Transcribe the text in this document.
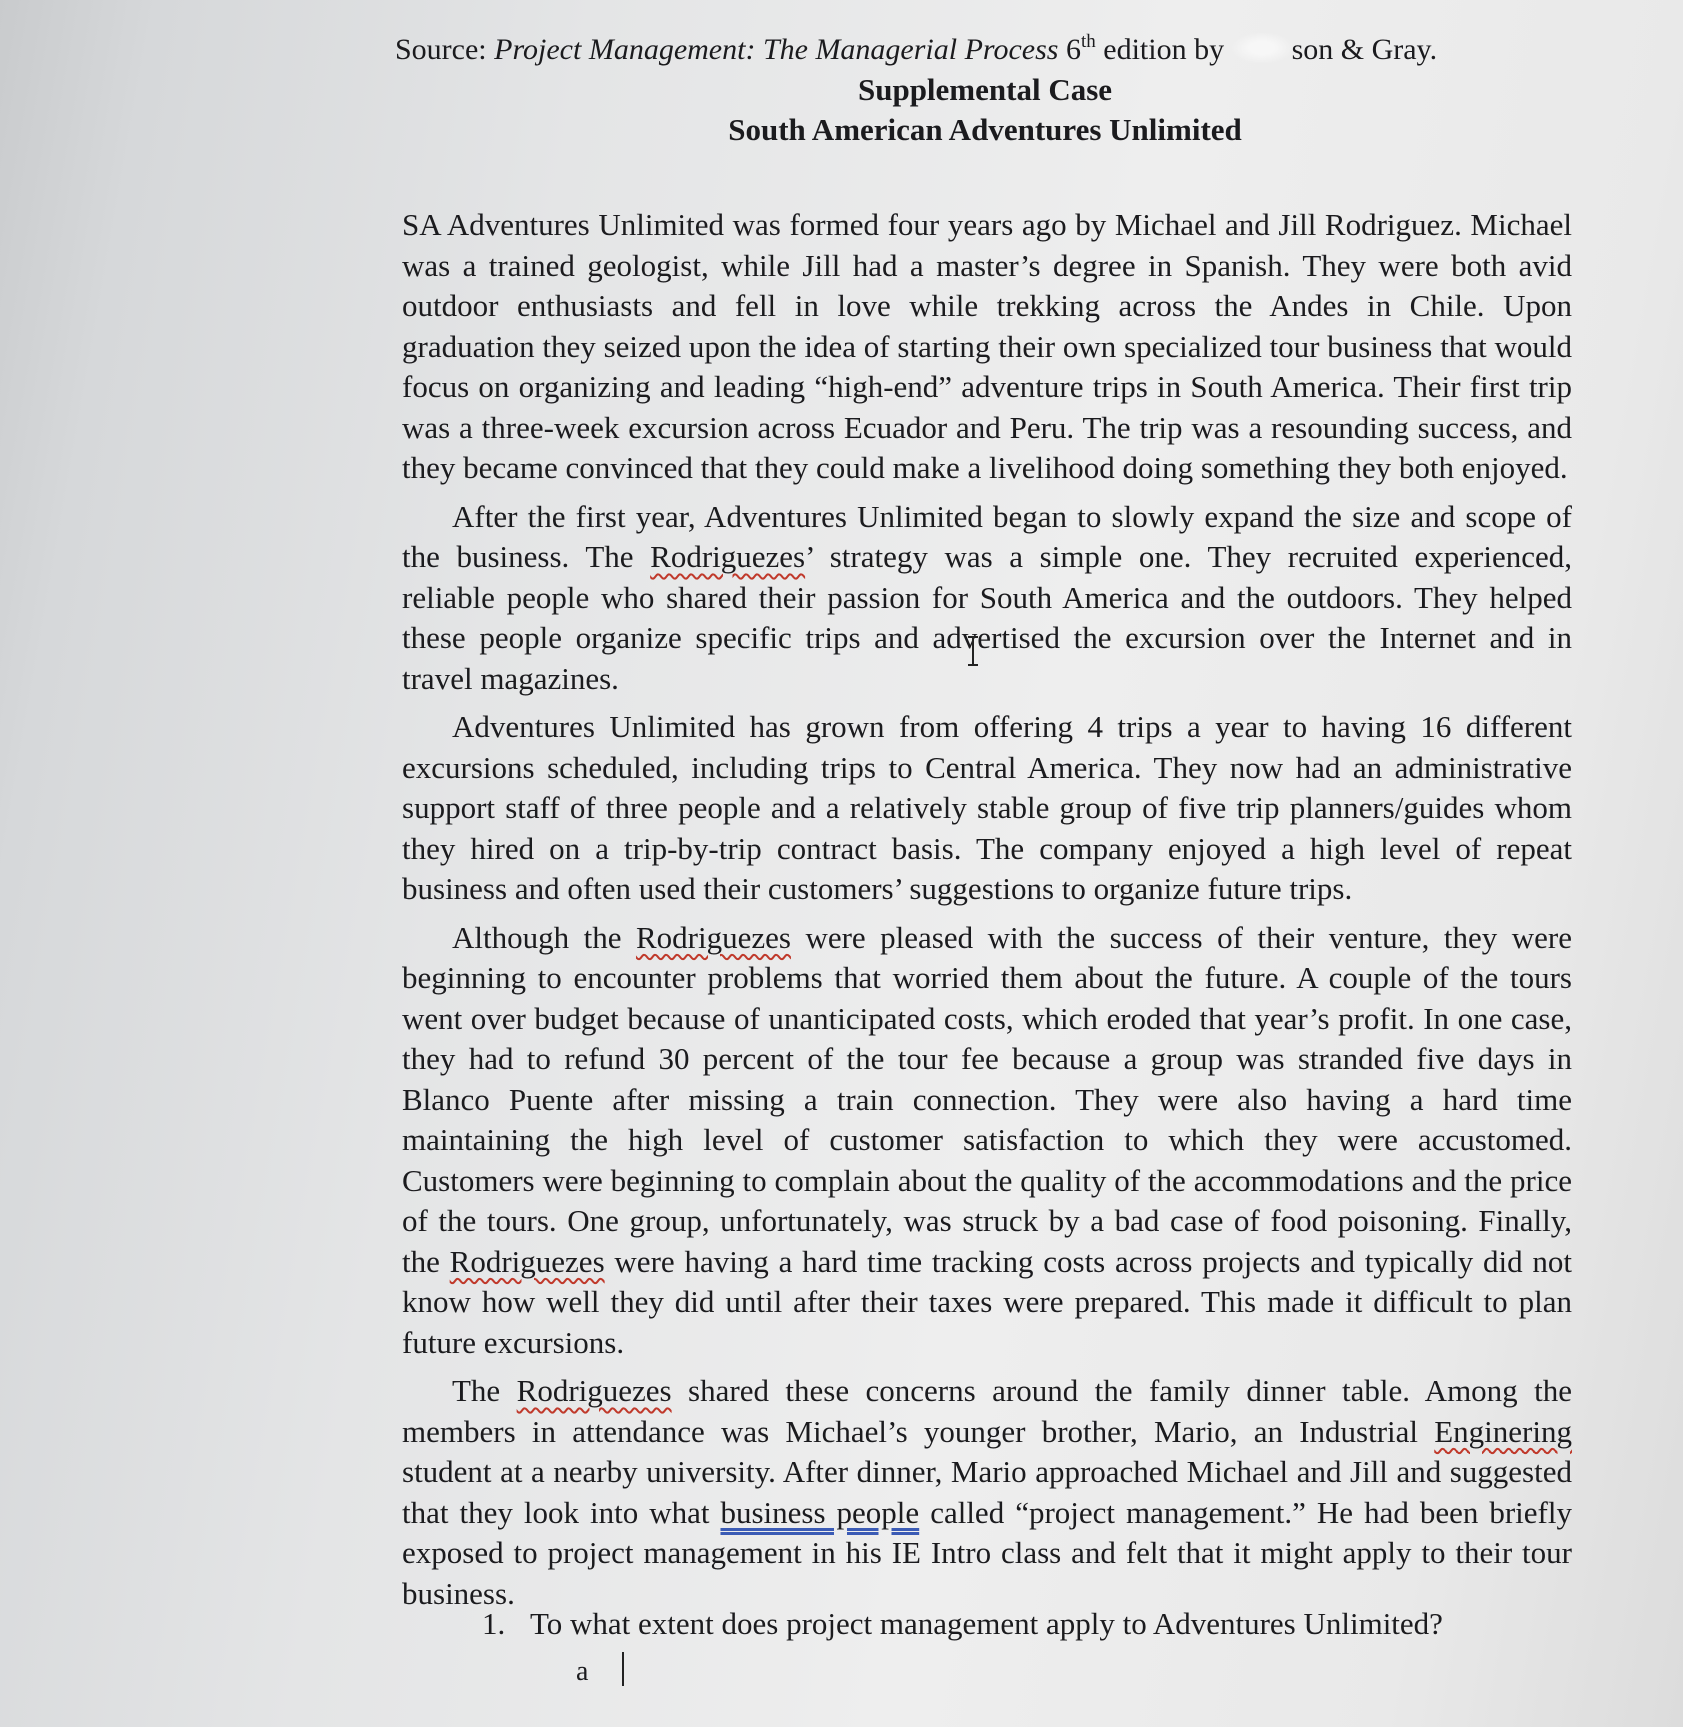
Source: Project Management: The Managerial Process 6th edition by son & Gray.
Supplemental Case
South American Adventures Unlimited

SA Adventures Unlimited was formed four years ago by Michael and Jill Rodriguez. Michael was a trained geologist, while Jill had a master’s degree in Spanish. They were both avid outdoor enthusiasts and fell in love while trekking across the Andes in Chile. Upon graduation they seized upon the idea of starting their own specialized tour business that would focus on organizing and leading “high-end” adventure trips in South America. Their first trip was a three-week excursion across Ecuador and Peru. The trip was a resounding success, and they became convinced that they could make a livelihood doing something they both enjoyed.

After the first year, Adventures Unlimited began to slowly expand the size and scope of the business. The Rodriguezes’ strategy was a simple one. They recruited experienced, reliable people who shared their passion for South America and the outdoors. They helped these people organize specific trips and advertised the excursion over the Internet and in travel magazines.

Adventures Unlimited has grown from offering 4 trips a year to having 16 different excursions scheduled, including trips to Central America. They now had an administrative support staff of three people and a relatively stable group of five trip planners/guides whom they hired on a trip-by-trip contract basis. The company enjoyed a high level of repeat business and often used their customers’ suggestions to organize future trips.

Although the Rodriguezes were pleased with the success of their venture, they were beginning to encounter problems that worried them about the future. A couple of the tours went over budget because of unanticipated costs, which eroded that year’s profit. In one case, they had to refund 30 percent of the tour fee because a group was stranded five days in Blanco Puente after missing a train connection. They were also having a hard time maintaining the high level of customer satisfaction to which they were accustomed. Customers were beginning to complain about the quality of the accommodations and the price of the tours. One group, unfortunately, was struck by a bad case of food poisoning. Finally, the Rodriguezes were having a hard time tracking costs across projects and typically did not know how well they did until after their taxes were prepared. This made it difficult to plan future excursions.

The Rodriguezes shared these concerns around the family dinner table. Among the members in attendance was Michael’s younger brother, Mario, an Industrial Enginering student at a nearby university. After dinner, Mario approached Michael and Jill and suggested that they look into what business people called “project management.” He had been briefly exposed to project management in his IE Intro class and felt that it might apply to their tour business.

1. To what extent does project management apply to Adventures Unlimited?
a
